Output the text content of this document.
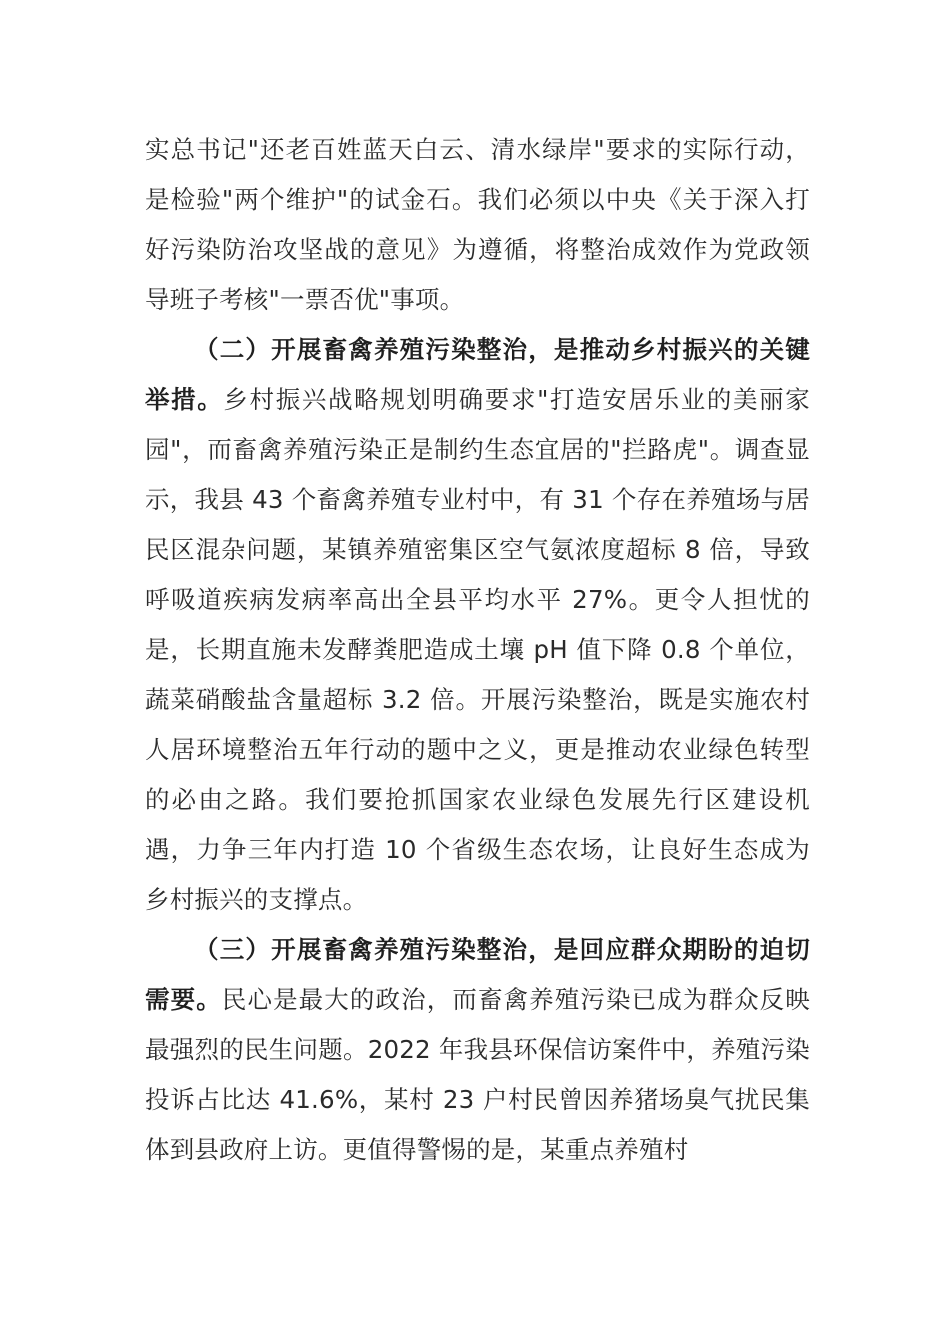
实总书记"还老百姓蓝天白云、清水绿岸"要求的实际行动，是检验"两个维护"的试金石。我们必须以中央《关于深入打好污染防治攻坚战的意见》为遵循，将整治成效作为党政领导班子考核"一票否优"事项。

（二）开展畜禽养殖污染整治，是推动乡村振兴的关键举措。乡村振兴战略规划明确要求"打造安居乐业的美丽家园"，而畜禽养殖污染正是制约生态宜居的"拦路虎"。调查显示，我县 43 个畜禽养殖专业村中，有 31 个存在养殖场与居民区混杂问题，某镇养殖密集区空气氨浓度超标 8 倍，导致呼吸道疾病发病率高出全县平均水平 27%。更令人担忧的是，长期直施未发酵粪肥造成土壤 pH 值下降 0.8 个单位，蔬菜硝酸盐含量超标 3.2 倍。开展污染整治，既是实施农村人居环境整治五年行动的题中之义，更是推动农业绿色转型的必由之路。我们要抢抓国家农业绿色发展先行区建设机遇，力争三年内打造 10 个省级生态农场，让良好生态成为乡村振兴的支撑点。

（三）开展畜禽养殖污染整治，是回应群众期盼的迫切需要。民心是最大的政治，而畜禽养殖污染已成为群众反映最强烈的民生问题。2022 年我县环保信访案件中，养殖污染投诉占比达 41.6%，某村 23 户村民曾因养猪场臭气扰民集体到县政府上访。更值得警惕的是，某重点养殖村
